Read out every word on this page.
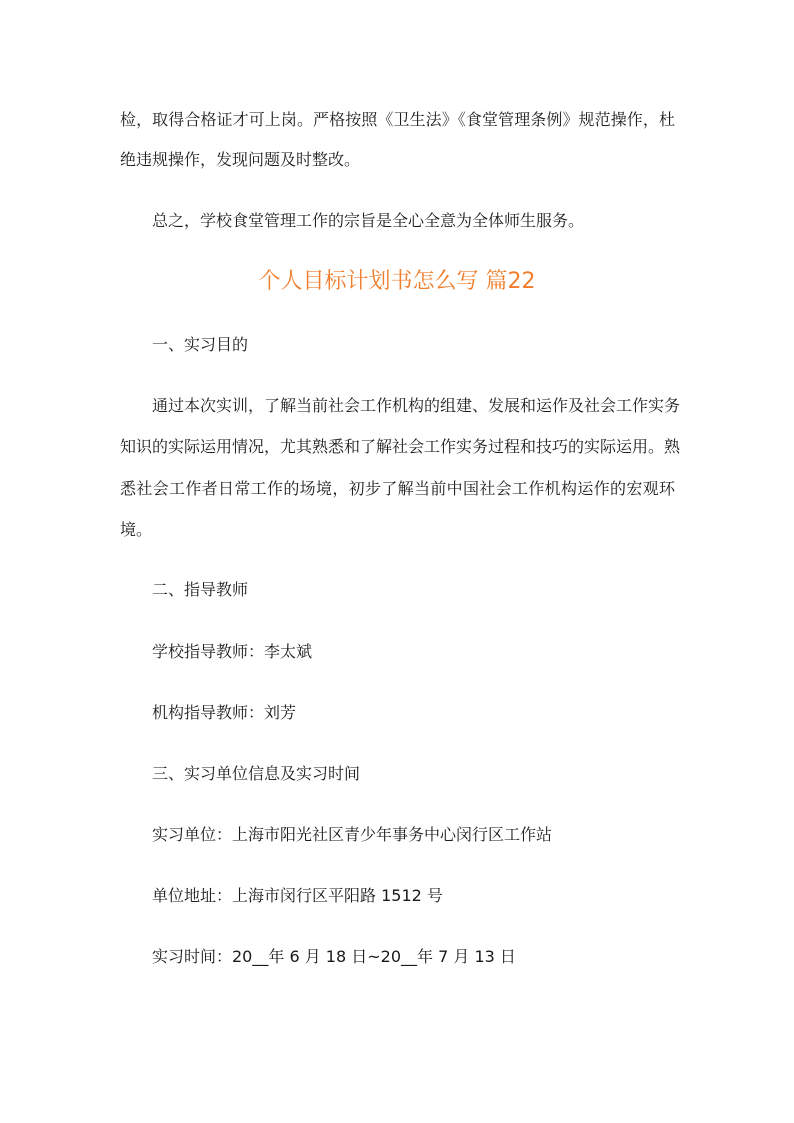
检，取得合格证才可上岗。严格按照《卫生法》《食堂管理条例》规范操作，杜
绝违规操作，发现问题及时整改。
总之，学校食堂管理工作的宗旨是全心全意为全体师生服务。
个人目标计划书怎么写 篇22
一、实习目的
通过本次实训，了解当前社会工作机构的组建、发展和运作及社会工作实务
知识的实际运用情况，尤其熟悉和了解社会工作实务过程和技巧的实际运用。熟
悉社会工作者日常工作的场境，初步了解当前中国社会工作机构运作的宏观环
境。
二、指导教师
学校指导教师：李太斌
机构指导教师：刘芳
三、实习单位信息及实习时间
实习单位：上海市阳光社区青少年事务中心闵行区工作站
单位地址：上海市闵行区平阳路 1512 号
实习时间：20__年 6 月 18 日~20__年 7 月 13 日
